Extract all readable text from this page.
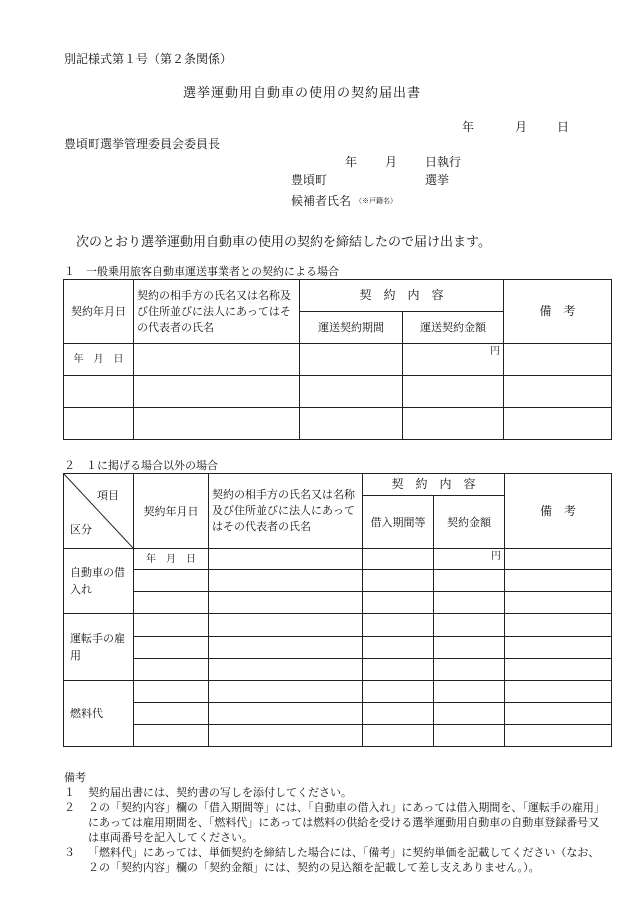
別記様式第１号（第２条関係）
選挙運動用自動車の使用の契約届出書
年	月 日
豊頃町選挙管理委員会委員長
年 月 日執行
豊頃町	選挙
候補者氏名 （※戸籍名）
次のとおり選挙運動用自動車の使用の契約を締結したので届け出ます。
１　一般乗用旅客自動車運送事業者との契約による場合
契約年月日	契約の相手方の氏名又は名称及び住所並びに法人にあってはその代表者の氏名	契　約　内　容		備　考
		運送契約期間	運送契約金額	
年　月　日			円	

２　１に掲げる場合以外の場合
項目
区分	契約年月日	契約の相手方の氏名又は名称及び住所並びに法人にあってはその代表者の氏名	契　約　内　容		備　考
			借入期間等	契約金額	
自動車の借入れ	年　月　日			円	

運転手の雇用					

燃料代					

備考
１	契約届出書には、契約書の写しを添付してください。
２	２の「契約内容」欄の「借入期間等」には、「自動車の借入れ」にあっては借入期間を、「運転手の雇用」にあっては雇用期間を、「燃料代」にあっては燃料の供給を受ける選挙運動用自動車の自動車登録番号又は車両番号を記入してください。
３	「燃料代」にあっては、単価契約を締結した場合には、「備考」に契約単価を記載してください（なお、２の「契約内容」欄の「契約金額」には、契約の見込額を記載して差し支えありません。）。
